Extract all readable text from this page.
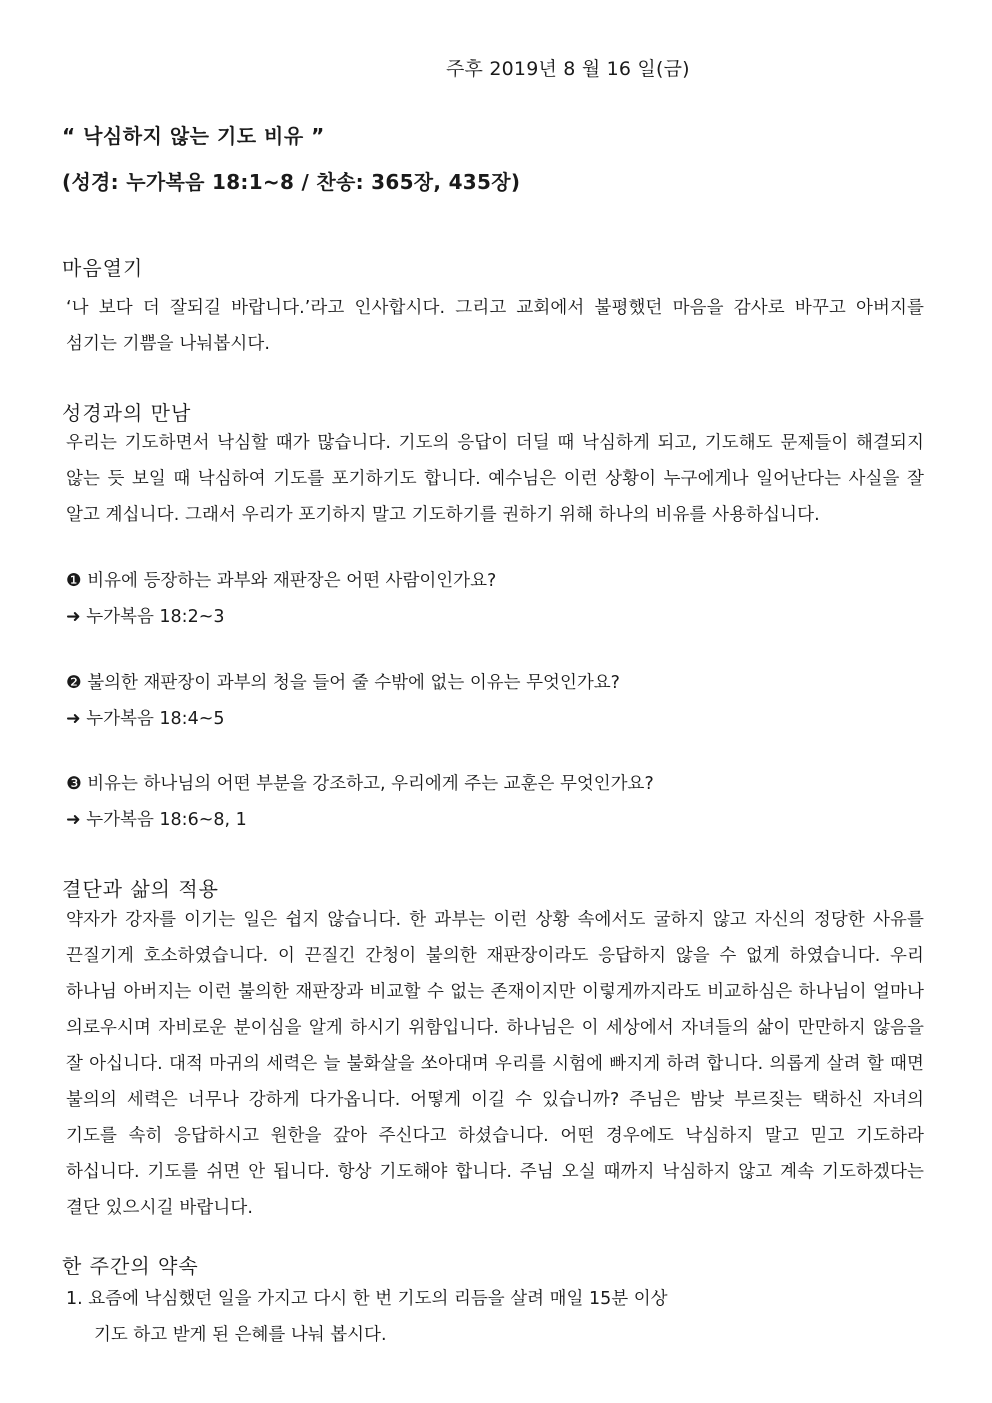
주후 2019년 8 월 16 일(금)
“ 낙심하지 않는 기도 비유 ”
(성경: 누가복음 18:1~8 / 찬송: 365장, 435장)
마음열기
‘나 보다 더 잘되길 바랍니다.’라고 인사합시다. 그리고 교회에서 불평했던 마음을 감사로 바꾸고 아버지를 섬기는 기쁨을 나눠봅시다.
성경과의 만남
우리는 기도하면서 낙심할 때가 많습니다. 기도의 응답이 더딜 때 낙심하게 되고, 기도해도 문제들이 해결되지 않는 듯 보일 때 낙심하여 기도를 포기하기도 합니다. 예수님은 이런 상황이 누구에게나 일어난다는 사실을 잘 알고 계십니다. 그래서 우리가 포기하지 말고 기도하기를 권하기 위해 하나의 비유를 사용하십니다.
❶ 비유에 등장하는 과부와 재판장은 어떤 사람이인가요?
➜ 누가복음 18:2~3
❷ 불의한 재판장이 과부의 청을 들어 줄 수밖에 없는 이유는 무엇인가요?
➜ 누가복음 18:4~5
❸ 비유는 하나님의 어떤 부분을 강조하고, 우리에게 주는 교훈은 무엇인가요?
➜ 누가복음 18:6~8, 1
결단과 삶의 적용
약자가 강자를 이기는 일은 쉽지 않습니다. 한 과부는 이런 상황 속에서도 굴하지 않고 자신의 정당한 사유를 끈질기게 호소하였습니다. 이 끈질긴 간청이 불의한 재판장이라도 응답하지 않을 수 없게 하였습니다. 우리 하나님 아버지는 이런 불의한 재판장과 비교할 수 없는 존재이지만 이렇게까지라도 비교하심은 하나님이 얼마나 의로우시며 자비로운 분이심을 알게 하시기 위함입니다. 하나님은 이 세상에서 자녀들의 삶이 만만하지 않음을 잘 아십니다. 대적 마귀의 세력은 늘 불화살을 쏘아대며 우리를 시험에 빠지게 하려 합니다. 의롭게 살려 할 때면 불의의 세력은 너무나 강하게 다가옵니다. 어떻게 이길 수 있습니까? 주님은 밤낮 부르짖는 택하신 자녀의 기도를 속히 응답하시고 원한을 갚아 주신다고 하셨습니다. 어떤 경우에도 낙심하지 말고 믿고 기도하라 하십니다. 기도를 쉬면 안 됩니다. 항상 기도해야 합니다. 주님 오실 때까지 낙심하지 않고 계속 기도하겠다는 결단 있으시길 바랍니다.
한 주간의 약속
1. 요즘에 낙심했던 일을 가지고 다시 한 번 기도의 리듬을 살려 매일 15분 이상
기도 하고 받게 된 은혜를 나눠 봅시다.
